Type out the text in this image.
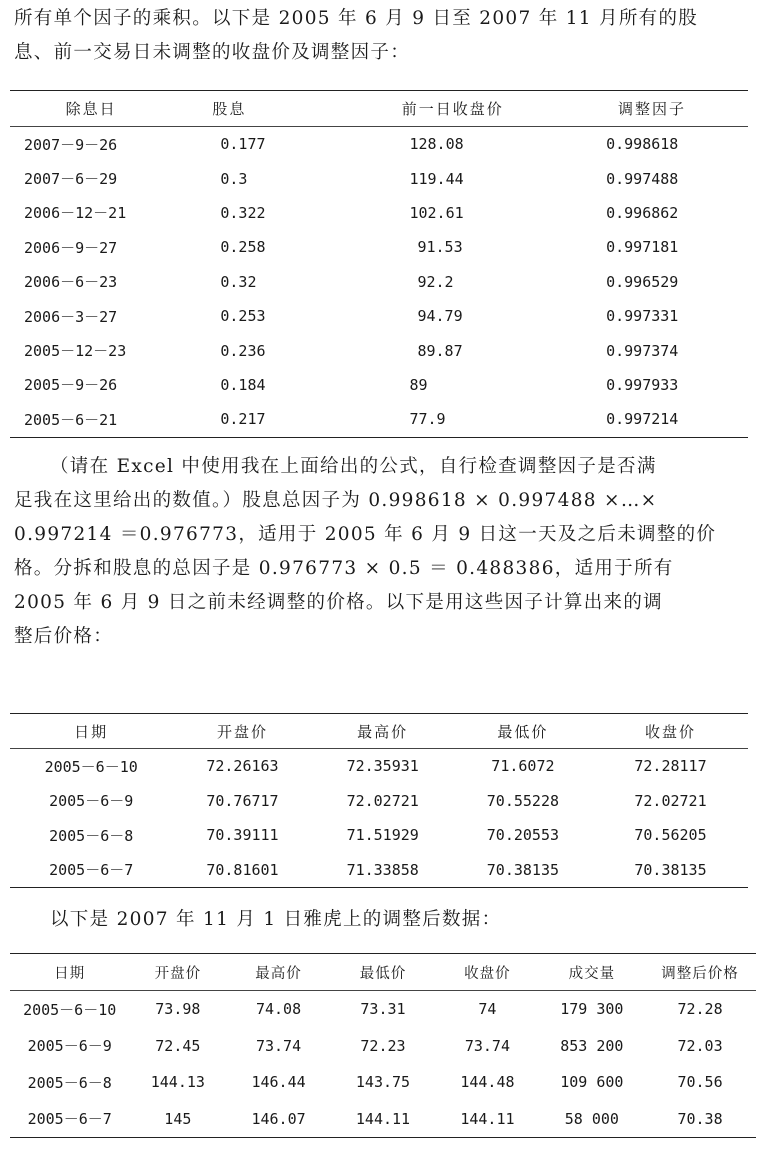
所有单个因子的乘积。以下是 2005 年 6 月 9 日至 2007 年 11 月所有的股
息、前一交易日未调整的收盘价及调整因子：
除息日	股息	前一日收盘价	调整因子
2007－9－26	0.177	128.08	0.998618
2007－6－29	0.3	119.44	0.997488
2006－12－21	0.322	102.61	0.996862
2006－9－27	0.258	91.53	0.997181
2006－6－23	0.32	92.2	0.996529
2006－3－27	0.253	94.79	0.997331
2005－12－23	0.236	89.87	0.997374
2005－9－26	0.184	89	0.997933
2005－6－21	0.217	77.9	0.997214
（请在 Excel 中使用我在上面给出的公式，自行检查调整因子是否满
足我在这里给出的数值。）股息总因子为 0.998618 × 0.997488 ×…×
0.997214 ＝0.976773，适用于 2005 年 6 月 9 日这一天及之后未调整的价
格。分拆和股息的总因子是 0.976773 × 0.5 ＝ 0.488386，适用于所有
2005 年 6 月 9 日之前未经调整的价格。以下是用这些因子计算出来的调
整后价格：
日期	开盘价	最高价	最低价	收盘价
2005－6－10	72.26163	72.35931	71.6072	72.28117
2005－6－9	70.76717	72.02721	70.55228	72.02721
2005－6－8	70.39111	71.51929	70.20553	70.56205
2005－6－7	70.81601	71.33858	70.38135	70.38135
以下是 2007 年 11 月 1 日雅虎上的调整后数据：
日期	开盘价	最高价	最低价	收盘价	成交量	调整后价格
2005－6－10	73.98	74.08	73.31	74	179 300	72.28
2005－6－9	72.45	73.74	72.23	73.74	853 200	72.03
2005－6－8	144.13	146.44	143.75	144.48	109 600	70.56
2005－6－7	145	146.07	144.11	144.11	58 000	70.38
